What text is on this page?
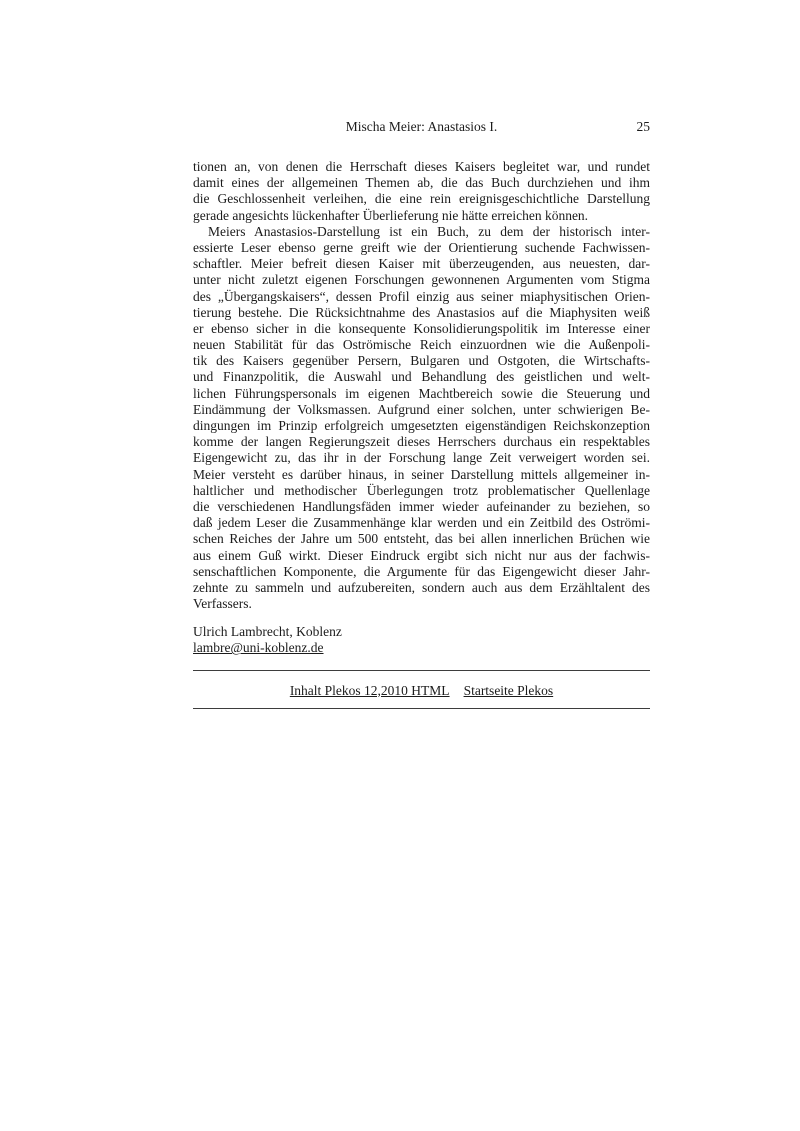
Mischa Meier: Anastasios I.	25
tionen an, von denen die Herrschaft dieses Kaisers begleitet war, und rundet
damit eines der allgemeinen Themen ab, die das Buch durchziehen und ihm
die Geschlossenheit verleihen, die eine rein ereignisgeschichtliche Darstellung
gerade angesichts lückenhafter Überlieferung nie hätte erreichen können.
Meiers Anastasios-Darstellung ist ein Buch, zu dem der historisch inter-
essierte Leser ebenso gerne greift wie der Orientierung suchende Fachwissen-
schaftler. Meier befreit diesen Kaiser mit überzeugenden, aus neuesten, dar-
unter nicht zuletzt eigenen Forschungen gewonnenen Argumenten vom Stigma
des „Übergangskaisers“, dessen Profil einzig aus seiner miaphysitischen Orien-
tierung bestehe. Die Rücksichtnahme des Anastasios auf die Miaphysiten weiß
er ebenso sicher in die konsequente Konsolidierungspolitik im Interesse einer
neuen Stabilität für das Oströmische Reich einzuordnen wie die Außenpoli-
tik des Kaisers gegenüber Persern, Bulgaren und Ostgoten, die Wirtschafts-
und Finanzpolitik, die Auswahl und Behandlung des geistlichen und welt-
lichen Führungspersonals im eigenen Machtbereich sowie die Steuerung und
Eindämmung der Volksmassen. Aufgrund einer solchen, unter schwierigen Be-
dingungen im Prinzip erfolgreich umgesetzten eigenständigen Reichskonzeption
komme der langen Regierungszeit dieses Herrschers durchaus ein respektables
Eigengewicht zu, das ihr in der Forschung lange Zeit verweigert worden sei.
Meier versteht es darüber hinaus, in seiner Darstellung mittels allgemeiner in-
haltlicher und methodischer Überlegungen trotz problematischer Quellenlage
die verschiedenen Handlungsfäden immer wieder aufeinander zu beziehen, so
daß jedem Leser die Zusammenhänge klar werden und ein Zeitbild des Oströmi-
schen Reiches der Jahre um 500 entsteht, das bei allen innerlichen Brüchen wie
aus einem Guß wirkt. Dieser Eindruck ergibt sich nicht nur aus der fachwis-
senschaftlichen Komponente, die Argumente für das Eigengewicht dieser Jahr-
zehnte zu sammeln und aufzubereiten, sondern auch aus dem Erzähltalent des
Verfassers.
Ulrich Lambrecht, Koblenz
lambre@uni-koblenz.de
Inhalt Plekos 12,2010 HTML Startseite Plekos
